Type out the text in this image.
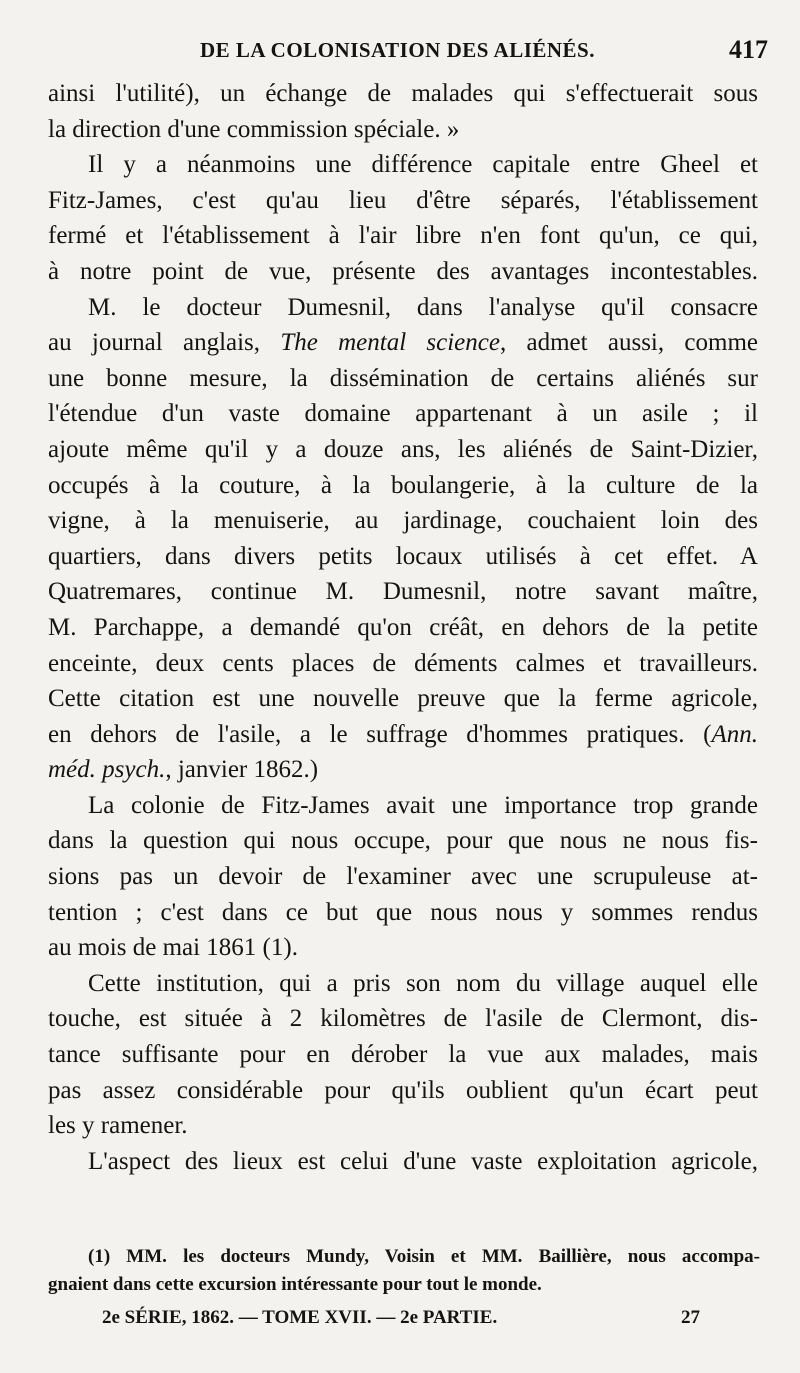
DE LA COLONISATION DES ALIÉNÉS.	417
ainsi l'utilité), un échange de malades qui s'effectuerait sous
la direction d'une commission spéciale. »
Il y a néanmoins une différence capitale entre Gheel et
Fitz-James, c'est qu'au lieu d'être séparés, l'établissement
fermé et l'établissement à l'air libre n'en font qu'un, ce qui,
à notre point de vue, présente des avantages incontestables.
M. le docteur Dumesnil, dans l'analyse qu'il consacre
au journal anglais, The mental science, admet aussi, comme
une bonne mesure, la dissémination de certains aliénés sur
l'étendue d'un vaste domaine appartenant à un asile ; il
ajoute même qu'il y a douze ans, les aliénés de Saint-Dizier,
occupés à la couture, à la boulangerie, à la culture de la
vigne, à la menuiserie, au jardinage, couchaient loin des
quartiers, dans divers petits locaux utilisés à cet effet. A
Quatremares, continue M. Dumesnil, notre savant maître,
M. Parchappe, a demandé qu'on créât, en dehors de la petite
enceinte, deux cents places de déments calmes et travailleurs.
Cette citation est une nouvelle preuve que la ferme agricole,
en dehors de l'asile, a le suffrage d'hommes pratiques. (Ann.
méd. psych., janvier 1862.)
La colonie de Fitz-James avait une importance trop grande
dans la question qui nous occupe, pour que nous ne nous fis-
sions pas un devoir de l'examiner avec une scrupuleuse at-
tention ; c'est dans ce but que nous nous y sommes rendus
au mois de mai 1861 (1).
Cette institution, qui a pris son nom du village auquel elle
touche, est située à 2 kilomètres de l'asile de Clermont, dis-
tance suffisante pour en dérober la vue aux malades, mais
pas assez considérable pour qu'ils oublient qu'un écart peut
les y ramener.
L'aspect des lieux est celui d'une vaste exploitation agricole,
(1) MM. les docteurs Mundy, Voisin et MM. Baillière, nous accompa-
gnaient dans cette excursion intéressante pour tout le monde.
2e SÉRIE, 1862. — TOME XVII. — 2e PARTIE.	27
